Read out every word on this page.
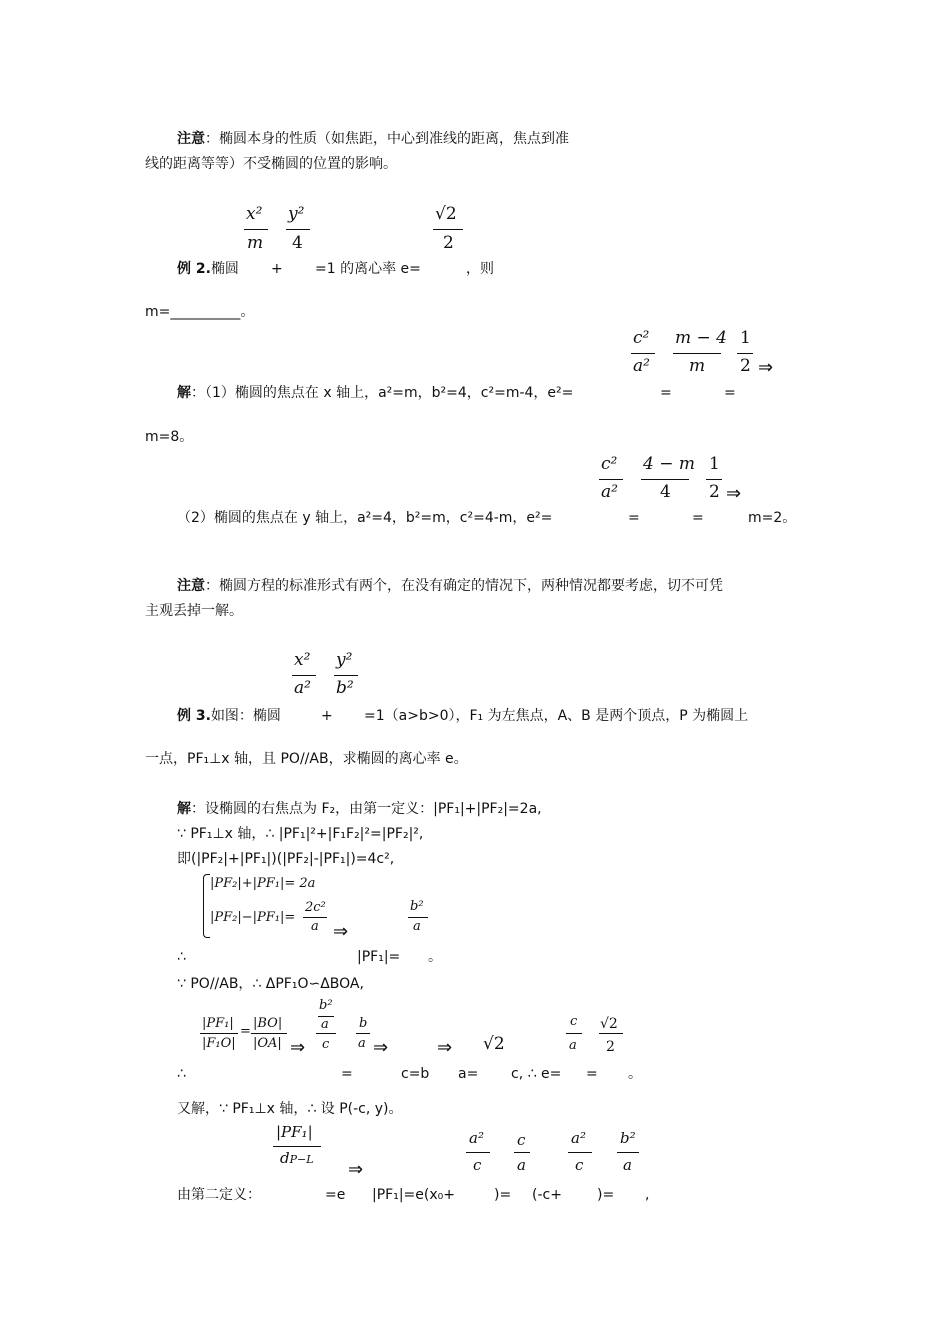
注意：椭圆本身的性质（如焦距，中心到准线的距离，焦点到准
线的距离等等）不受椭圆的位置的影响。
x²
m
y²
4
√2
2
例 2.椭圆 + =1 的离心率 e=	，则
m=__________。
c²
a²
m − 4
m
1
2 ⇒
解：（1）椭圆的焦点在 x 轴上，a²=m，b²=4，c²=m-4，e²=	=	=
m=8。
c²
a²
4 − m
4
1
2 ⇒
（2）椭圆的焦点在 y 轴上，a²=4，b²=m，c²=4-m，e²=	=	=	m=2。
注意：椭圆方程的标准形式有两个，在没有确定的情况下，两种情况都要考虑，切不可凭
主观丢掉一解。
x²
a²
y²
b²
例 3.如图：椭圆	+ =1（a>b>0），F₁ 为左焦点，A、B 是两个顶点，P 为椭圆上
一点，PF₁⊥x 轴，且 PO//AB，求椭圆的离心率 e。
解：设椭圆的右焦点为 F₂，由第一定义：|PF₁|+|PF₂|=2a,
∵ PF₁⊥x 轴，∴ |PF₁|²+|F₁F₂|²=|PF₂|²,
即(|PF₂|+|PF₁|)(|PF₂|-|PF₁|)=4c²,
|PF₂|+|PF₁|= 2a
|PF₂|−|PF₁|=
2c²
a ⇒
b²
a
∴	|PF₁|= 。
∵ PO//AB，∴ ΔPF₁O∽ΔBOA,
|PF₁|
|F₁O|
=
|BO|
|OA| ⇒
b²
a
c
b
a ⇒	⇒ √2
c
a
√2
2
∴	=	c=b a= c, ∴ e= = 。
又解，∵ PF₁⊥x 轴，∴ 设 P(-c, y)。
|PF₁|
dP−L ⇒
a²
c
c
a
a²
c
b²
a
由第二定义：	=e |PF₁|=e(x₀+	)= (-c+	)= ,
